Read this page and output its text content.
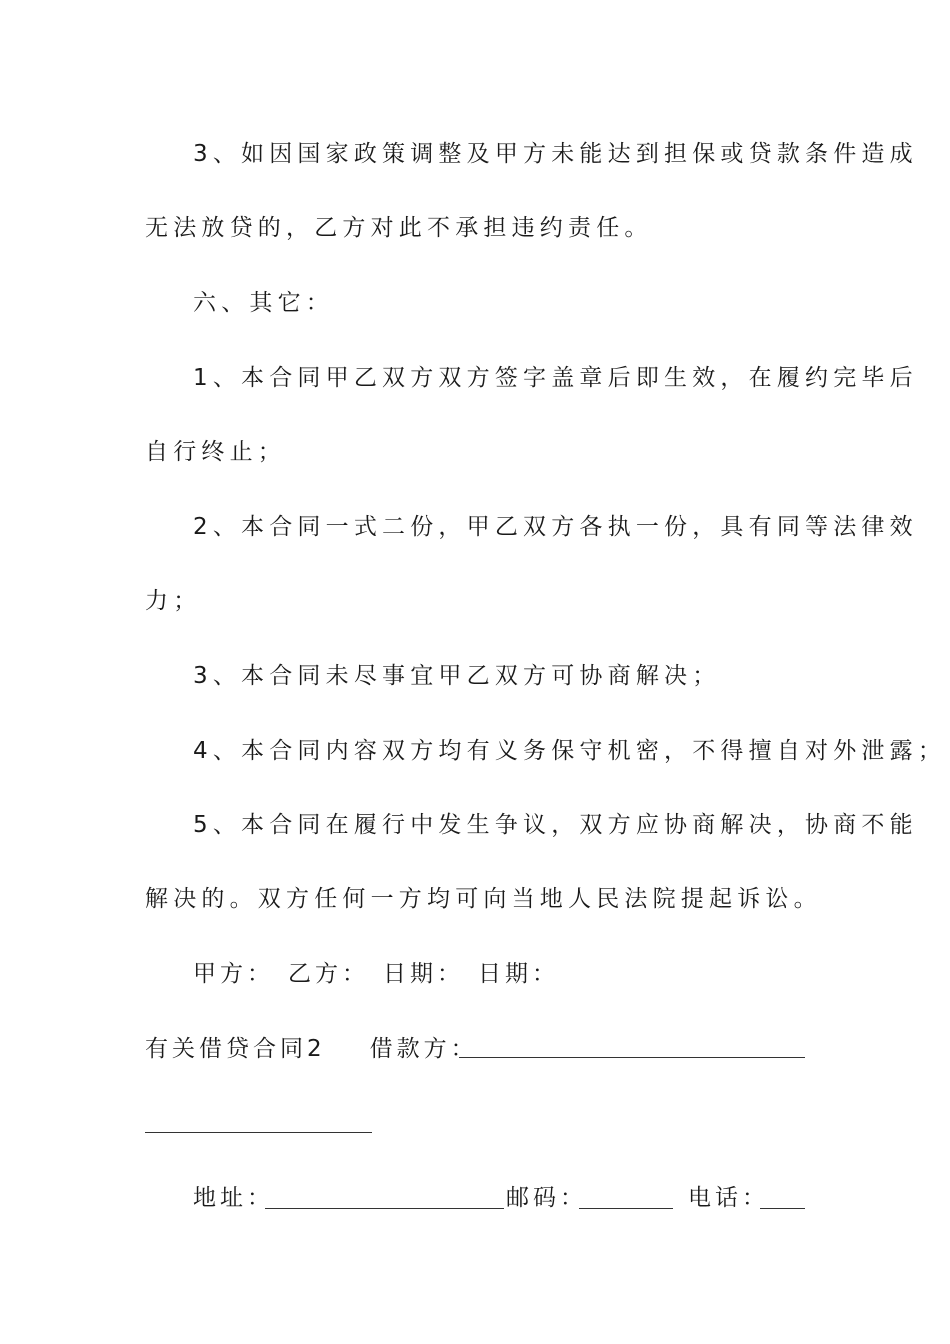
3、如因国家政策调整及甲方未能达到担保或贷款条件造成
无法放贷的，乙方对此不承担违约责任。
六、其它：
1、本合同甲乙双方双方签字盖章后即生效，在履约完毕后
自行终止；
2、本合同一式二份，甲乙双方各执一份，具有同等法律效
力；
3、本合同未尽事宜甲乙双方可协商解决；
4、本合同内容双方均有义务保守机密，不得擅自对外泄露；
5、本合同在履行中发生争议，双方应协商解决，协商不能
解决的。双方任何一方均可向当地人民法院提起诉讼。
甲方： 乙方： 日期： 日期：
有关借贷合同2 借款方：
地址：	邮码：	电话：
